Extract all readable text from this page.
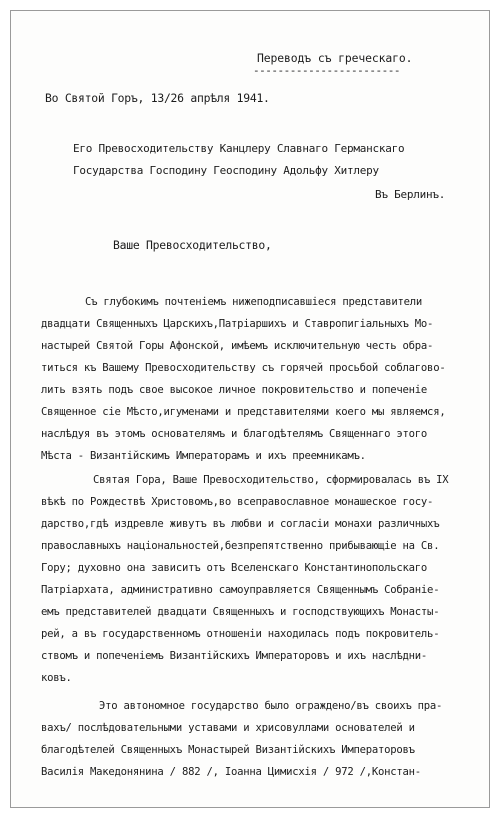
Переводъ съ греческаго.
------------------------
Во Святой Горъ, 13/26 апрѣля 1941.
Его Превосходительству Канцлеру Славнаго Германскаго
Государства Господину Геосподину Адольфу Хитлеру
Въ Берлинъ.
Ваше Превосходительство,
Съ глубокимъ почтеніемъ нижеподписавшіеся представители
двадцати Священныхъ Царскихъ,Патріаршихъ и Ставропигіальныхъ Мо-
настырей Святой Горы Афонской, имѣемъ исключительную честь обра-
титься къ Вашему Превосходительству съ горячей просьбой соблагово-
лить взять подъ свое высокое личное покровительство и попеченіе
Священное сіе Мѣсто,игуменами и представителями коего мы являемся,
наслѣдуя въ этомъ основателямъ и благодѣтелямъ Священнаго этого
Мѣста - Византійскимъ Императорамъ и ихъ преемникамъ.
Святая Гора, Ваше Превосходительство, сформировалась въ IX
вѣкѣ по Рождествѣ Христовомъ,во всеправославное монашеское госу-
дарство,гдѣ издревле живутъ въ любви и согласіи монахи различныхъ
православныхъ національностей,безпрепятственно прибывающіе на Св.
Гору; духовно она зависитъ отъ Вселенскаго Константинопольскаго
Патріархата, административно самоуправляется Священнымъ Собраніе-
емъ представителей двадцати Священныхъ и господствующихъ Монасты-
рей, а въ государственномъ отношеніи находилась подъ покровитель-
ствомъ и попеченіемъ Византійскихъ Императоровъ и ихъ наслѣдни-
ковъ.
Это автономное государство было ограждено/въ своихъ пра-
вахъ/ послѣдовательными уставами и хрисовуллами основателей и
благодѣтелей Священныхъ Монастырей Византійскихъ Императоровъ
Василія Македонянина / 882 /, Іоанна Цимисхія / 972 /,Констан-
